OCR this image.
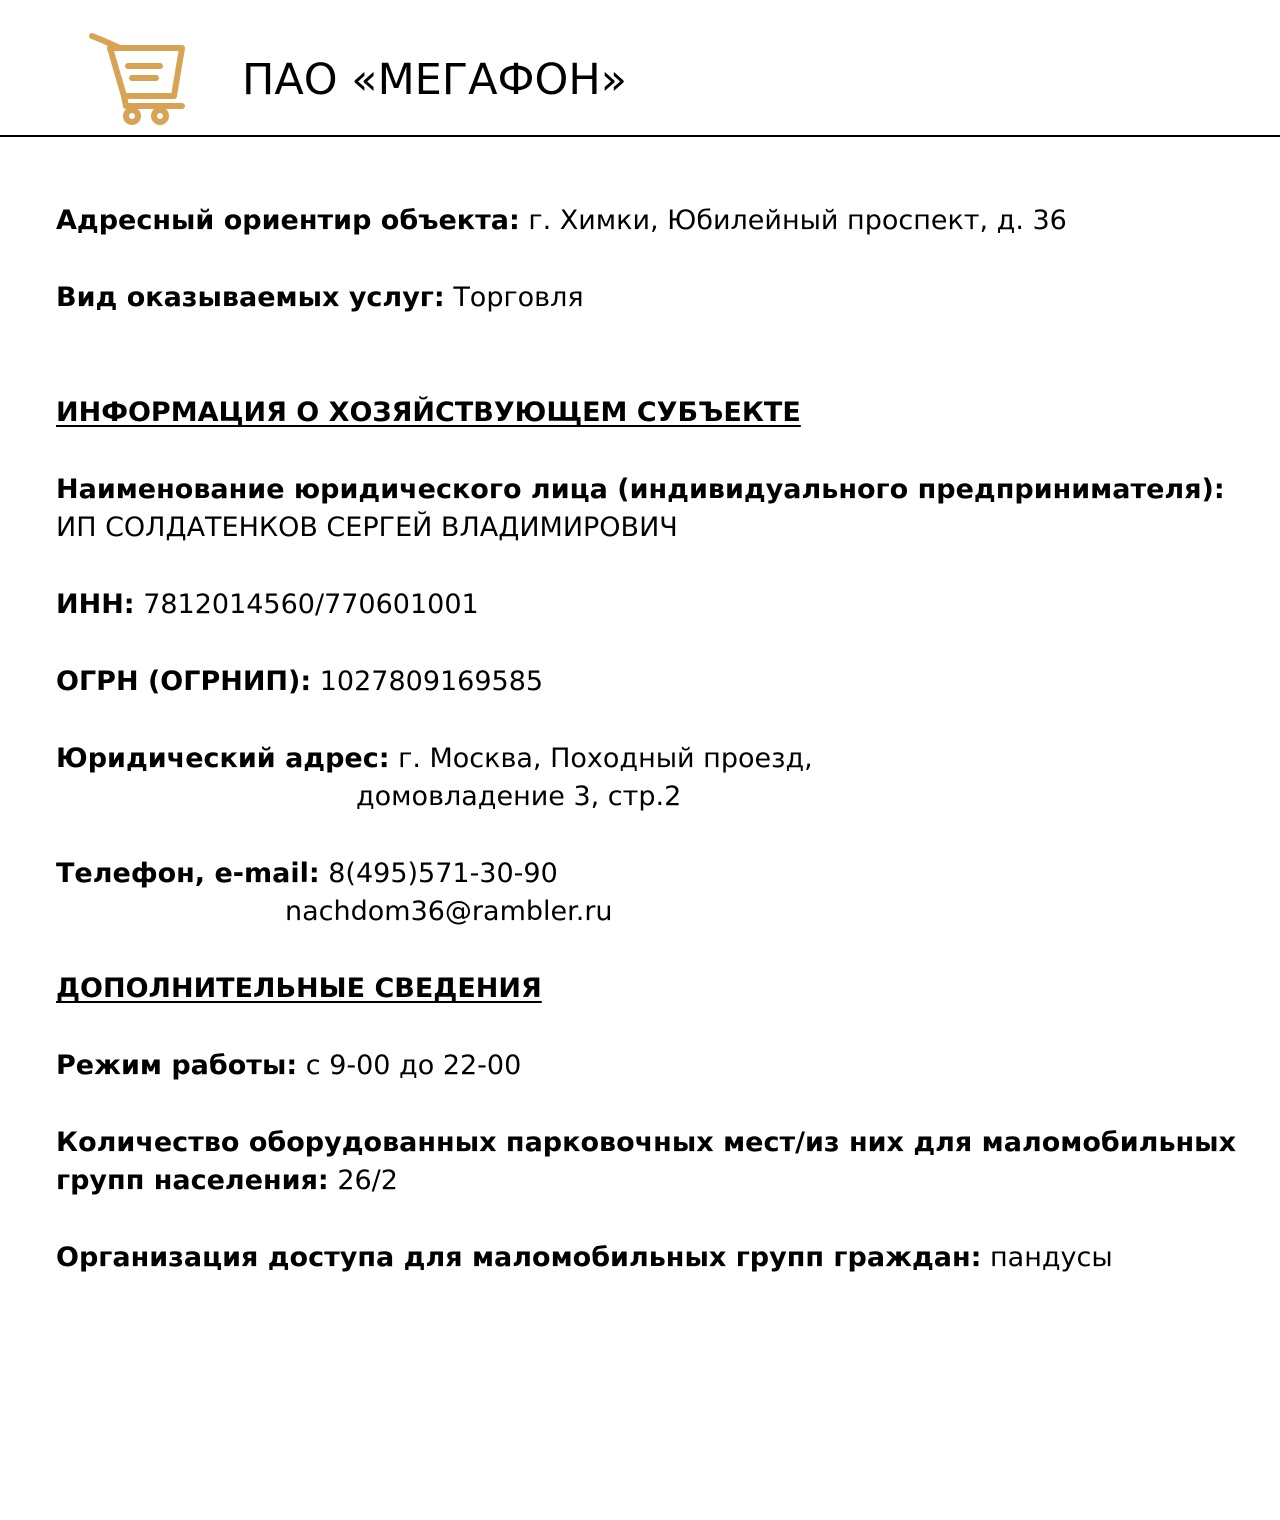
ПАО «МЕГАФОН»
Адресный ориентир объекта: г. Химки, Юбилейный проспект, д. 36
Вид оказываемых услуг: Торговля
ИНФОРМАЦИЯ О ХОЗЯЙСТВУЮЩЕМ СУБЪЕКТЕ
Наименование юридического лица (индивидуального предпринимателя):
ИП СОЛДАТЕНКОВ СЕРГЕЙ ВЛАДИМИРОВИЧ
ИНН: 7812014560/770601001
ОГРН (ОГРНИП): 1027809169585
Юридический адрес: г. Москва, Походный проезд,
домовладение 3, стр.2
Телефон, e-mail: 8(495)571-30-90
nachdom36@rambler.ru
ДОПОЛНИТЕЛЬНЫЕ СВЕДЕНИЯ
Режим работы: с 9-00 до 22-00
Количество оборудованных парковочных мест/из них для маломобильных
групп населения: 26/2
Организация доступа для маломобильных групп граждан: пандусы
